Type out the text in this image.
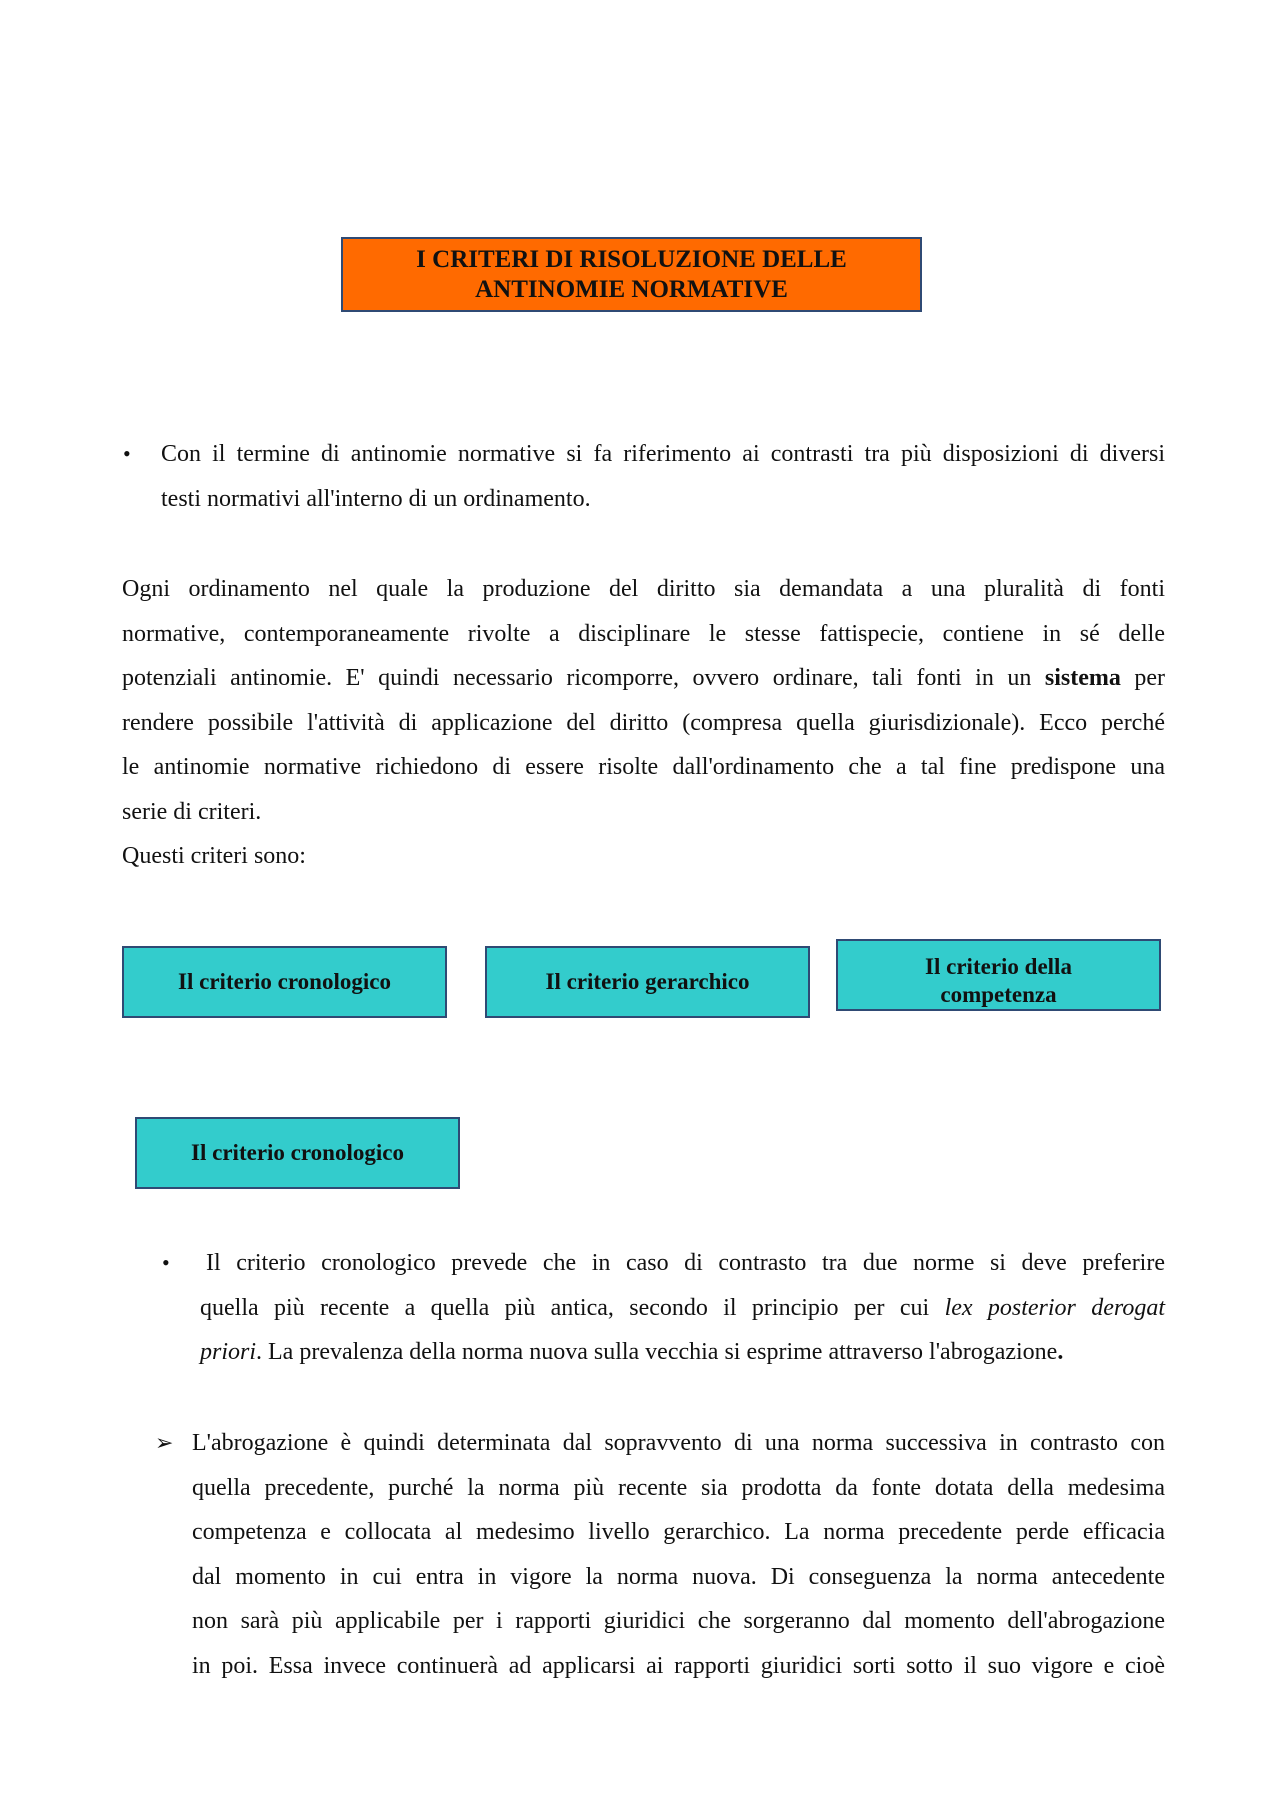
I CRITERI DI RISOLUZIONE DELLE
ANTINOMIE NORMATIVE
• Con il termine di antinomie normative si fa riferimento ai contrasti tra più disposizioni di diversi
testi normativi all'interno di un ordinamento.
Ogni ordinamento nel quale la produzione del diritto sia demandata a una pluralità di fonti
normative, contemporaneamente rivolte a disciplinare le stesse fattispecie, contiene in sé delle
potenziali antinomie. E' quindi necessario ricomporre, ovvero ordinare, tali fonti in un sistema per
rendere possibile l'attività di applicazione del diritto (compresa quella giurisdizionale). Ecco perché
le antinomie normative richiedono di essere risolte dall'ordinamento che a tal fine predispone una
serie di criteri.
Questi criteri sono:
Il criterio cronologico	Il criterio gerarchico
Il criterio della competenza
Il criterio cronologico
• Il criterio cronologico prevede che in caso di contrasto tra due norme si deve preferire
quella più recente a quella più antica, secondo il principio per cui lex posterior derogat
priori. La prevalenza della norma nuova sulla vecchia si esprime attraverso l'abrogazione.
➢ L'abrogazione è quindi determinata dal sopravvento di una norma successiva in contrasto con
quella precedente, purché la norma più recente sia prodotta da fonte dotata della medesima
competenza e collocata al medesimo livello gerarchico. La norma precedente perde efficacia
dal momento in cui entra in vigore la norma nuova. Di conseguenza la norma antecedente
non sarà più applicabile per i rapporti giuridici che sorgeranno dal momento dell'abrogazione
in poi. Essa invece continuerà ad applicarsi ai rapporti giuridici sorti sotto il suo vigore e cioè
